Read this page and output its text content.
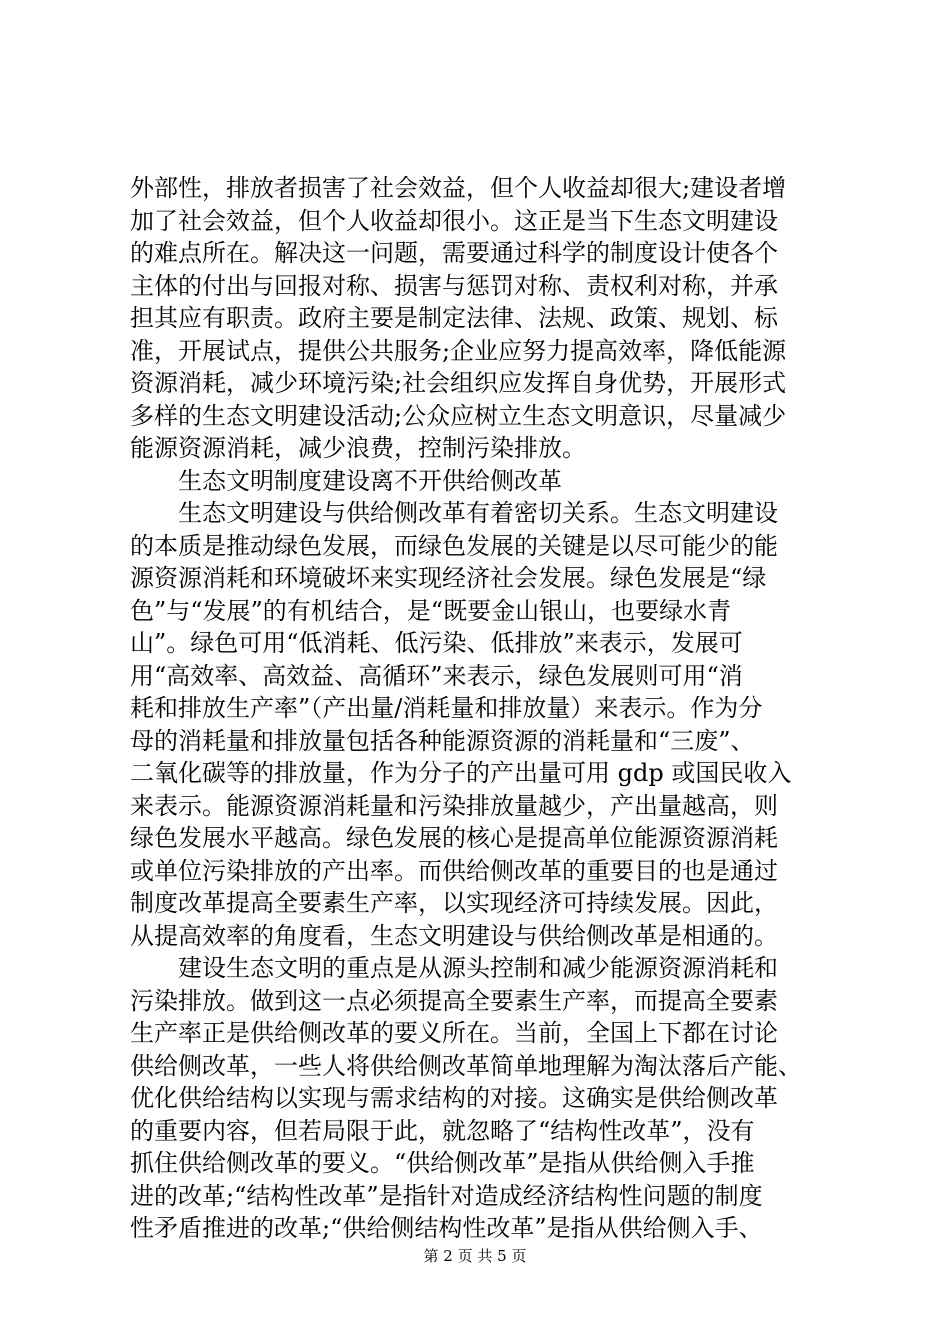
外部性，排放者损害了社会效益，但个人收益却很大;建设者增
加了社会效益，但个人收益却很小。这正是当下生态文明建设
的难点所在。解决这一问题，需要通过科学的制度设计使各个
主体的付出与回报对称、损害与惩罚对称、责权利对称，并承
担其应有职责。政府主要是制定法律、法规、政策、规划、标
准，开展试点，提供公共服务;企业应努力提高效率，降低能源
资源消耗，减少环境污染;社会组织应发挥自身优势，开展形式
多样的生态文明建设活动;公众应树立生态文明意识，尽量减少
能源资源消耗，减少浪费，控制污染排放。
生态文明制度建设离不开供给侧改革
生态文明建设与供给侧改革有着密切关系。生态文明建设
的本质是推动绿色发展，而绿色发展的关键是以尽可能少的能
源资源消耗和环境破坏来实现经济社会发展。绿色发展是“绿
色”与“发展”的有机结合，是“既要金山银山，也要绿水青
山”。绿色可用“低消耗、低污染、低排放”来表示，发展可
用“高效率、高效益、高循环”来表示，绿色发展则可用“消
耗和排放生产率”（产出量/消耗量和排放量）来表示。作为分
母的消耗量和排放量包括各种能源资源的消耗量和“三废”、
二氧化碳等的排放量，作为分子的产出量可用 gdp 或国民收入
来表示。能源资源消耗量和污染排放量越少，产出量越高，则
绿色发展水平越高。绿色发展的核心是提高单位能源资源消耗
或单位污染排放的产出率。而供给侧改革的重要目的也是通过
制度改革提高全要素生产率，以实现经济可持续发展。因此，
从提高效率的角度看，生态文明建设与供给侧改革是相通的。
建设生态文明的重点是从源头控制和减少能源资源消耗和
污染排放。做到这一点必须提高全要素生产率，而提高全要素
生产率正是供给侧改革的要义所在。当前，全国上下都在讨论
供给侧改革，一些人将供给侧改革简单地理解为淘汰落后产能、
优化供给结构以实现与需求结构的对接。这确实是供给侧改革
的重要内容，但若局限于此，就忽略了“结构性改革”，没有
抓住供给侧改革的要义。“供给侧改革”是指从供给侧入手推
进的改革;“结构性改革”是指针对造成经济结构性问题的制度
性矛盾推进的改革;“供给侧结构性改革”是指从供给侧入手、
第 2 页 共 5 页
